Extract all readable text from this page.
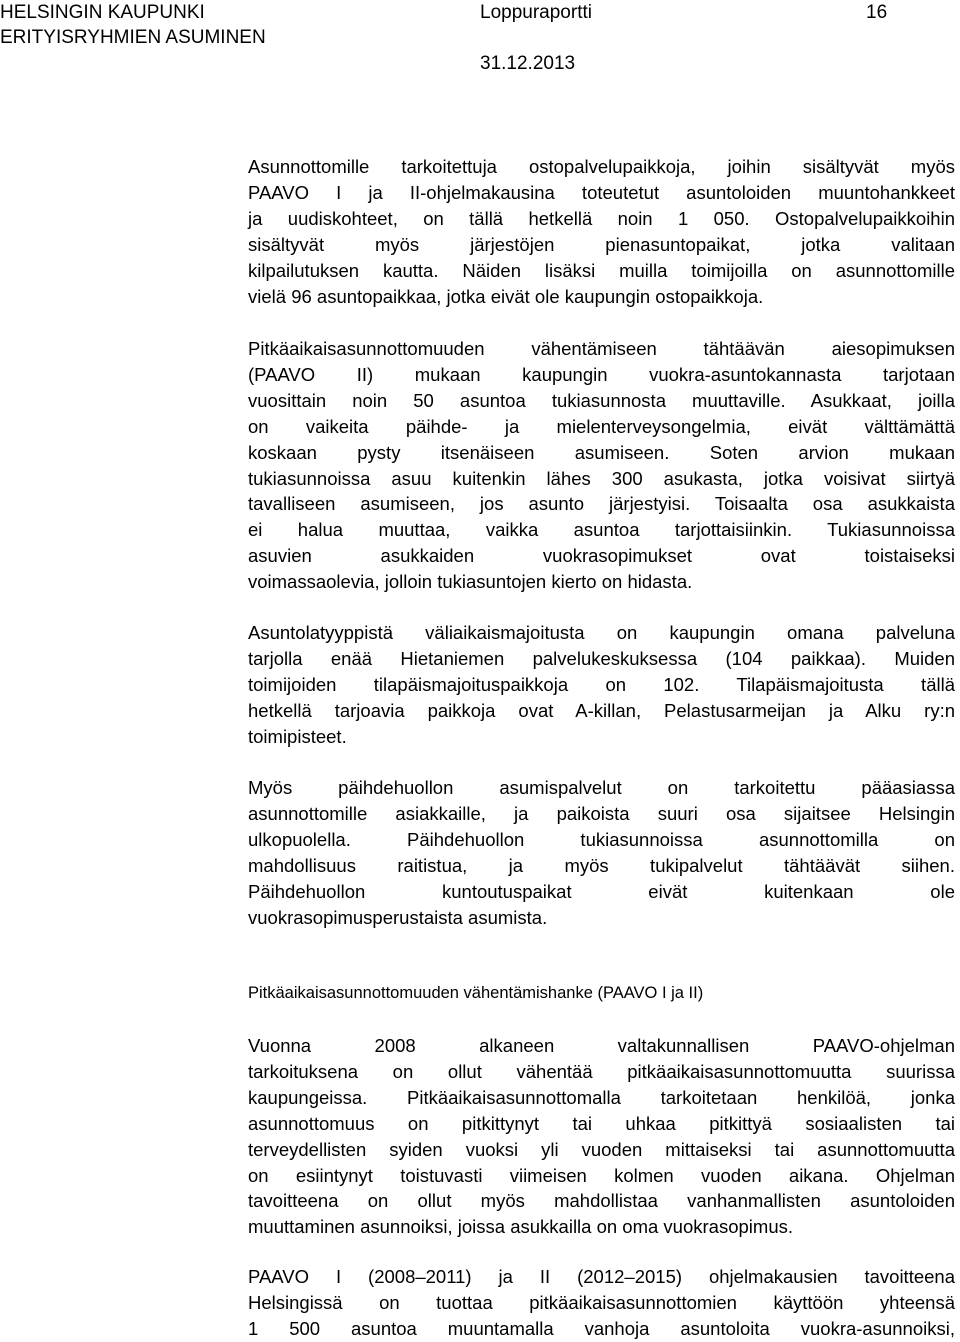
HELSINGIN KAUPUNKI
ERITYISRYHMIEN ASUMINEN
Loppuraportti	16
31.12.2013

Asunnottomille tarkoitettuja ostopalvelupaikkoja, joihin sisältyvät myös
PAAVO I ja II-ohjelmakausina toteutetut asuntoloiden muuntohankkeet
ja uudiskohteet, on tällä hetkellä noin 1 050. Ostopalvelupaikkoihin
sisältyvät myös järjestöjen pienasuntopaikat, jotka valitaan
kilpailutuksen kautta. Näiden lisäksi muilla toimijoilla on asunnottomille
vielä 96 asuntopaikkaa, jotka eivät ole kaupungin ostopaikkoja.

Pitkäaikaisasunnottomuuden vähentämiseen tähtäävän aiesopimuksen
(PAAVO II) mukaan kaupungin vuokra-asuntokannasta tarjotaan
vuosittain noin 50 asuntoa tukiasunnosta muuttaville. Asukkaat, joilla
on vaikeita päihde- ja mielenterveysongelmia, eivät välttämättä
koskaan pysty itsenäiseen asumiseen. Soten arvion mukaan
tukiasunnoissa asuu kuitenkin lähes 300 asukasta, jotka voisivat siirtyä
tavalliseen asumiseen, jos asunto järjestyisi. Toisaalta osa asukkaista
ei halua muuttaa, vaikka asuntoa tarjottaisiinkin. Tukiasunnoissa
asuvien asukkaiden vuokrasopimukset ovat toistaiseksi
voimassaolevia, jolloin tukiasuntojen kierto on hidasta.

Asuntolatyyppistä väliaikaismajoitusta on kaupungin omana palveluna
tarjolla enää Hietaniemen palvelukeskuksessa (104 paikkaa). Muiden
toimijoiden tilapäismajoituspaikkoja on 102. Tilapäismajoitusta tällä
hetkellä tarjoavia paikkoja ovat A-killan, Pelastusarmeijan ja Alku ry:n
toimipisteet.

Myös päihdehuollon asumispalvelut on tarkoitettu pääasiassa
asunnottomille asiakkaille, ja paikoista suuri osa sijaitsee Helsingin
ulkopuolella. Päihdehuollon tukiasunnoissa asunnottomilla on
mahdollisuus raitistua, ja myös tukipalvelut tähtäävät siihen.
Päihdehuollon kuntoutuspaikat eivät kuitenkaan ole
vuokrasopimusperustaista asumista.

Pitkäaikaisasunnottomuuden vähentämishanke (PAAVO I ja II)

Vuonna 2008 alkaneen valtakunnallisen PAAVO-ohjelman
tarkoituksena on ollut vähentää pitkäaikaisasunnottomuutta suurissa
kaupungeissa. Pitkäaikaisasunnottomalla tarkoitetaan henkilöä, jonka
asunnottomuus on pitkittynyt tai uhkaa pitkittyä sosiaalisten tai
terveydellisten syiden vuoksi yli vuoden mittaiseksi tai asunnottomuutta
on esiintynyt toistuvasti viimeisen kolmen vuoden aikana. Ohjelman
tavoitteena on ollut myös mahdollistaa vanhanmallisten asuntoloiden
muuttaminen asunnoiksi, joissa asukkailla on oma vuokrasopimus.

PAAVO I (2008–2011) ja II (2012–2015) ohjelmakausien tavoitteena
Helsingissä on tuottaa pitkäaikaisasunnottomien käyttöön yhteensä
1 500 asuntoa muuntamalla vanhoja asuntoloita vuokra-asunnoiksi,
